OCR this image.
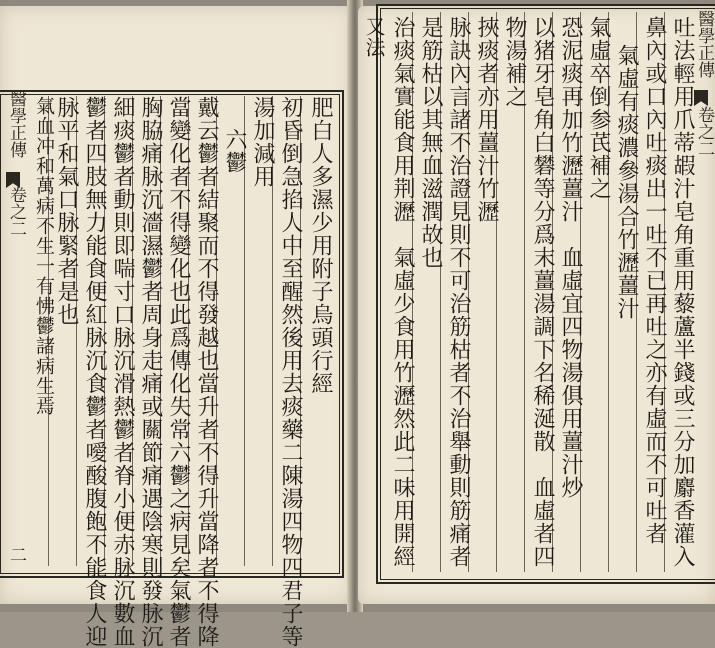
醫學正傳
卷之二
二
肥白人多濕少用附子烏頭行經
初昏倒急掐人中至醒然後用去痰藥二陳湯四物四君子等
湯加減用
六鬱
戴云鬱者結聚而不得發越也當升者不得升當降者不得降
當變化者不得變化也此爲傳化失常六鬱之病見矣氣鬱者
胸脇痛脉沉濇濕鬱者周身走痛或關節痛遇陰寒則發脉沉
細痰鬱者動則即喘寸口脉沉滑熱鬱者脊小便赤脉沉數血
鬱者四肢無力能食便紅脉沉食鬱者噯酸腹飽不能食人迎
脉平和氣口脉緊者是也
氣血冲和萬病不生一有怫鬱諸病生焉
醫學正傳
卷之二
吐法輕用爪蒂嘏汁皂角重用藜蘆半錢或三分加麝香灌入
鼻內或口內吐痰出一吐不已再吐之亦有虛而不可吐者
氣虛有痰濃參湯合竹瀝薑汁
氣虛卒倒参芪補之
恐泥痰再加竹瀝薑汁　血虛宜四物湯俱用薑汁炒
以猪牙皂角白礬等分爲末薑湯調下名稀涎散　血虛者四
物湯補之
挾痰者亦用薑汁竹瀝
脉訣內言諸不治證見則不可治筋枯者不治舉動則筋痛者
是筋枯以其無血滋潤故也
治痰氣實能食用荆瀝　氣虛少食用竹瀝然此二味用開經
又法
